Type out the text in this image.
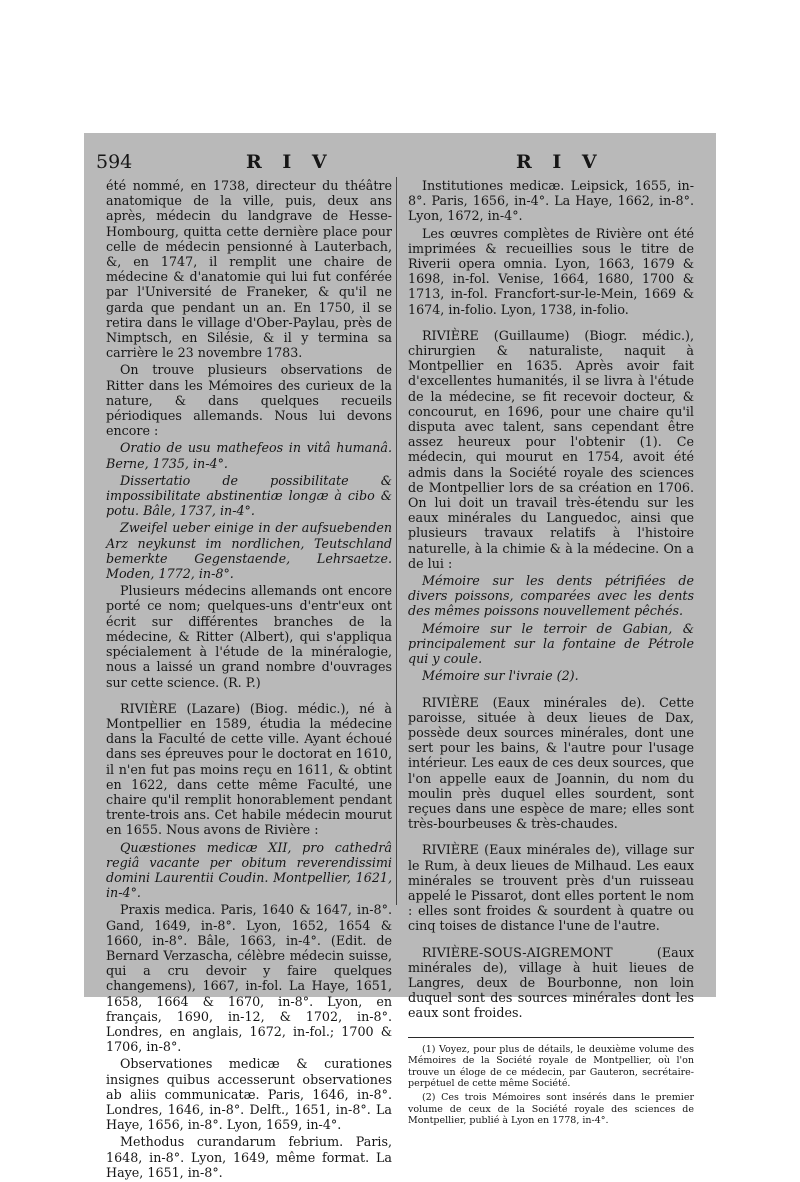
594	R I V	R I V

été nommé, en 1738, directeur du théâtre anatomique de la ville, puis, deux ans après, médecin du landgrave de Hesse-Hombourg, quitta cette dernière place pour celle de médecin pensionné à Lauterbach, &, en 1747, il remplit une chaire de médecine & d'anatomie qui lui fut conférée par l'Université de Franeker, & qu'il ne garda que pendant un an. En 1750, il se retira dans le village d'Ober-Paylau, près de Nimptsch, en Silésie, & il y termina sa carrière le 23 novembre 1783.

On trouve plusieurs observations de Ritter dans les Mémoires des curieux de la nature, & dans quelques recueils périodiques allemands. Nous lui devons encore :

Oratio de usu mathefeos in vitâ humanâ. Berne, 1735, in-4°.

Dissertatio de possibilitate & impossibilitate abstinentiæ longæ à cibo & potu. Bâle, 1737, in-4°.

Zweifel ueber einige in der aufsuebenden Arz neykunst im nordlichen, Teutschland bemerkte Gegenstaende, Lehrsaetze. Moden, 1772, in-8°.

Plusieurs médecins allemands ont encore porté ce nom; quelques-uns d'entr'eux ont écrit sur différentes branches de la médecine, & Ritter (Albert), qui s'appliqua spécialement à l'étude de la minéralogie, nous a laissé un grand nombre d'ouvrages sur cette science. (R. P.)

RIVIÈRE (Lazare) (Biog. médic.), né à Montpellier en 1589, étudia la médecine dans la Faculté de cette ville. Ayant échoué dans ses épreuves pour le doctorat en 1610, il n'en fut pas moins reçu en 1611, & obtint en 1622, dans cette même Faculté, une chaire qu'il remplit honorablement pendant trente-trois ans. Cet habile médecin mourut en 1655. Nous avons de Rivière :

Quæstiones medicæ XII, pro cathedrâ regiâ vacante per obitum reverendissimi domini Laurentii Coudin. Montpellier, 1621, in-4°.

Praxis medica. Paris, 1640 & 1647, in-8°. Gand, 1649, in-8°. Lyon, 1652, 1654 & 1660, in-8°. Bâle, 1663, in-4°. (Edit. de Bernard Verzascha, célèbre médecin suisse, qui a cru devoir y faire quelques changemens), 1667, in-fol. La Haye, 1651, 1658, 1664 & 1670, in-8°. Lyon, en français, 1690, in-12, & 1702, in-8°. Londres, en anglais, 1672, in-fol.; 1700 & 1706, in-8°.

Observationes medicæ & curationes insignes quibus accesserunt observationes ab aliis communicatæ. Paris, 1646, in-8°. Londres, 1646, in-8°. Delft., 1651, in-8°. La Haye, 1656, in-8°. Lyon, 1659, in-4°.

Methodus curandarum febrium. Paris, 1648, in-8°. Lyon, 1649, même format. La Haye, 1651, in-8°.

Institutiones medicæ. Leipsick, 1655, in-8°. Paris, 1656, in-4°. La Haye, 1662, in-8°. Lyon, 1672, in-4°.

Les œuvres complètes de Rivière ont été imprimées & recueillies sous le titre de Riverii opera omnia. Lyon, 1663, 1679 & 1698, in-fol. Venise, 1664, 1680, 1700 & 1713, in-fol. Francfort-sur-le-Mein, 1669 & 1674, in-folio. Lyon, 1738, in-folio.

RIVIÈRE (Guillaume) (Biogr. médic.), chirurgien & naturaliste, naquit à Montpellier en 1635. Après avoir fait d'excellentes humanités, il se livra à l'étude de la médecine, se fit recevoir docteur, & concourut, en 1696, pour une chaire qu'il disputa avec talent, sans cependant être assez heureux pour l'obtenir (1). Ce médecin, qui mourut en 1754, avoit été admis dans la Société royale des sciences de Montpellier lors de sa création en 1706. On lui doit un travail très-étendu sur les eaux minérales du Languedoc, ainsi que plusieurs travaux relatifs à l'histoire naturelle, à la chimie & à la médecine. On a de lui :

Mémoire sur les dents pétrifiées de divers poissons, comparées avec les dents des mêmes poissons nouvellement pêchés.

Mémoire sur le terroir de Gabian, & principalement sur la fontaine de Pétrole qui y coule.

Mémoire sur l'ivraie (2).

RIVIÈRE (Eaux minérales de). Cette paroisse, située à deux lieues de Dax, possède deux sources minérales, dont une sert pour les bains, & l'autre pour l'usage intérieur. Les eaux de ces deux sources, que l'on appelle eaux de Joannin, du nom du moulin près duquel elles sourdent, sont reçues dans une espèce de mare; elles sont très-bourbeuses & très-chaudes.

RIVIÈRE (Eaux minérales de), village sur le Rum, à deux lieues de Milhaud. Les eaux minérales se trouvent près d'un ruisseau appelé le Pissarot, dont elles portent le nom : elles sont froides & sourdent à quatre ou cinq toises de distance l'une de l'autre.

RIVIÈRE-SOUS-AIGREMONT (Eaux minérales de), village à huit lieues de Langres, deux de Bourbonne, non loin duquel sont des sources minérales dont les eaux sont froides.

(1) Voyez, pour plus de détails, le deuxième volume des Mémoires de la Société royale de Montpellier, où l'on trouve un éloge de ce médecin, par Gauteron, secrétaire-perpétuel de cette même Société.

(2) Ces trois Mémoires sont insérés dans le premier volume de ceux de la Société royale des sciences de Montpellier, publié à Lyon en 1778, in-4°.
